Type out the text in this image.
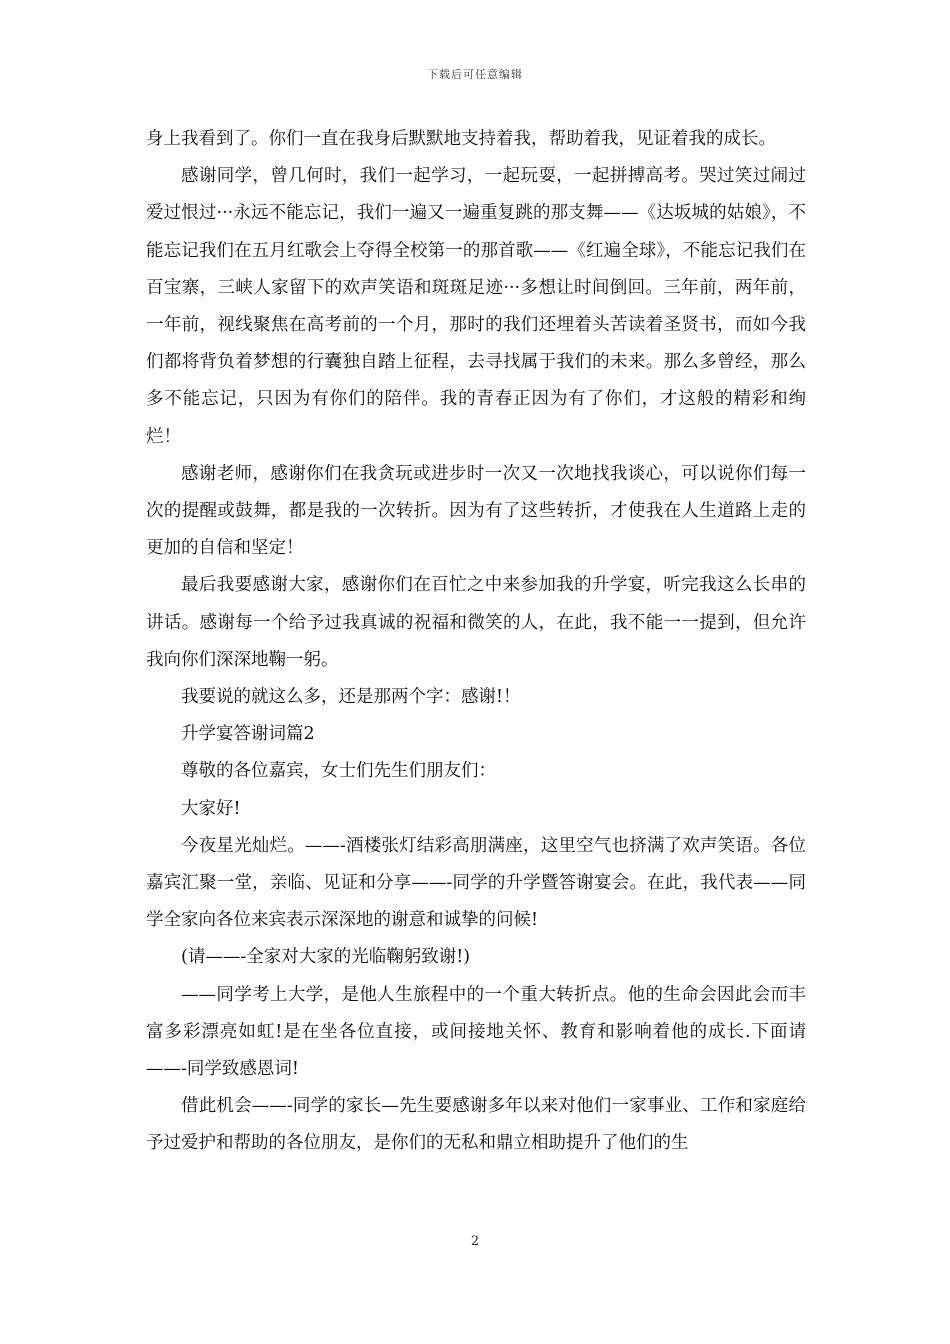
下载后可任意编辑

身上我看到了。你们一直在我身后默默地支持着我，帮助着我，见证着我的成长。

感谢同学，曾几何时，我们一起学习，一起玩耍，一起拼搏高考。哭过笑过闹过爱过恨过···永远不能忘记，我们一遍又一遍重复跳的那支舞——《达坂城的姑娘》，不能忘记我们在五月红歌会上夺得全校第一的那首歌——《红遍全球》，不能忘记我们在百宝寨，三峡人家留下的欢声笑语和斑斑足迹···多想让时间倒回。三年前，两年前，一年前，视线聚焦在高考前的一个月，那时的我们还埋着头苦读着圣贤书，而如今我们都将背负着梦想的行囊独自踏上征程，去寻找属于我们的未来。那么多曾经，那么多不能忘记，只因为有你们的陪伴。我的青春正因为有了你们，才这般的精彩和绚烂！

感谢老师，感谢你们在我贪玩或进步时一次又一次地找我谈心，可以说你们每一次的提醒或鼓舞，都是我的一次转折。因为有了这些转折，才使我在人生道路上走的更加的自信和坚定！

最后我要感谢大家，感谢你们在百忙之中来参加我的升学宴，听完我这么长串的讲话。感谢每一个给予过我真诚的祝福和微笑的人，在此，我不能一一提到，但允许我向你们深深地鞠一躬。

我要说的就这么多，还是那两个字：感谢!！

升学宴答谢词篇2

尊敬的各位嘉宾，女士们先生们朋友们：

大家好!

今夜星光灿烂。——-酒楼张灯结彩高朋满座，这里空气也挤满了欢声笑语。各位嘉宾汇聚一堂，亲临、见证和分享——-同学的升学暨答谢宴会。在此，我代表——同学全家向各位来宾表示深深地的谢意和诚挚的问候!

(请——-全家对大家的光临鞠躬致谢!)

——同学考上大学，是他人生旅程中的一个重大转折点。他的生命会因此会而丰富多彩漂亮如虹!是在坐各位直接，或间接地关怀、教育和影响着他的成长.下面请——-同学致感恩词!

借此机会——-同学的家长—先生要感谢多年以来对他们一家事业、工作和家庭给予过爱护和帮助的各位朋友，是你们的无私和鼎立相助提升了他们的生

2
